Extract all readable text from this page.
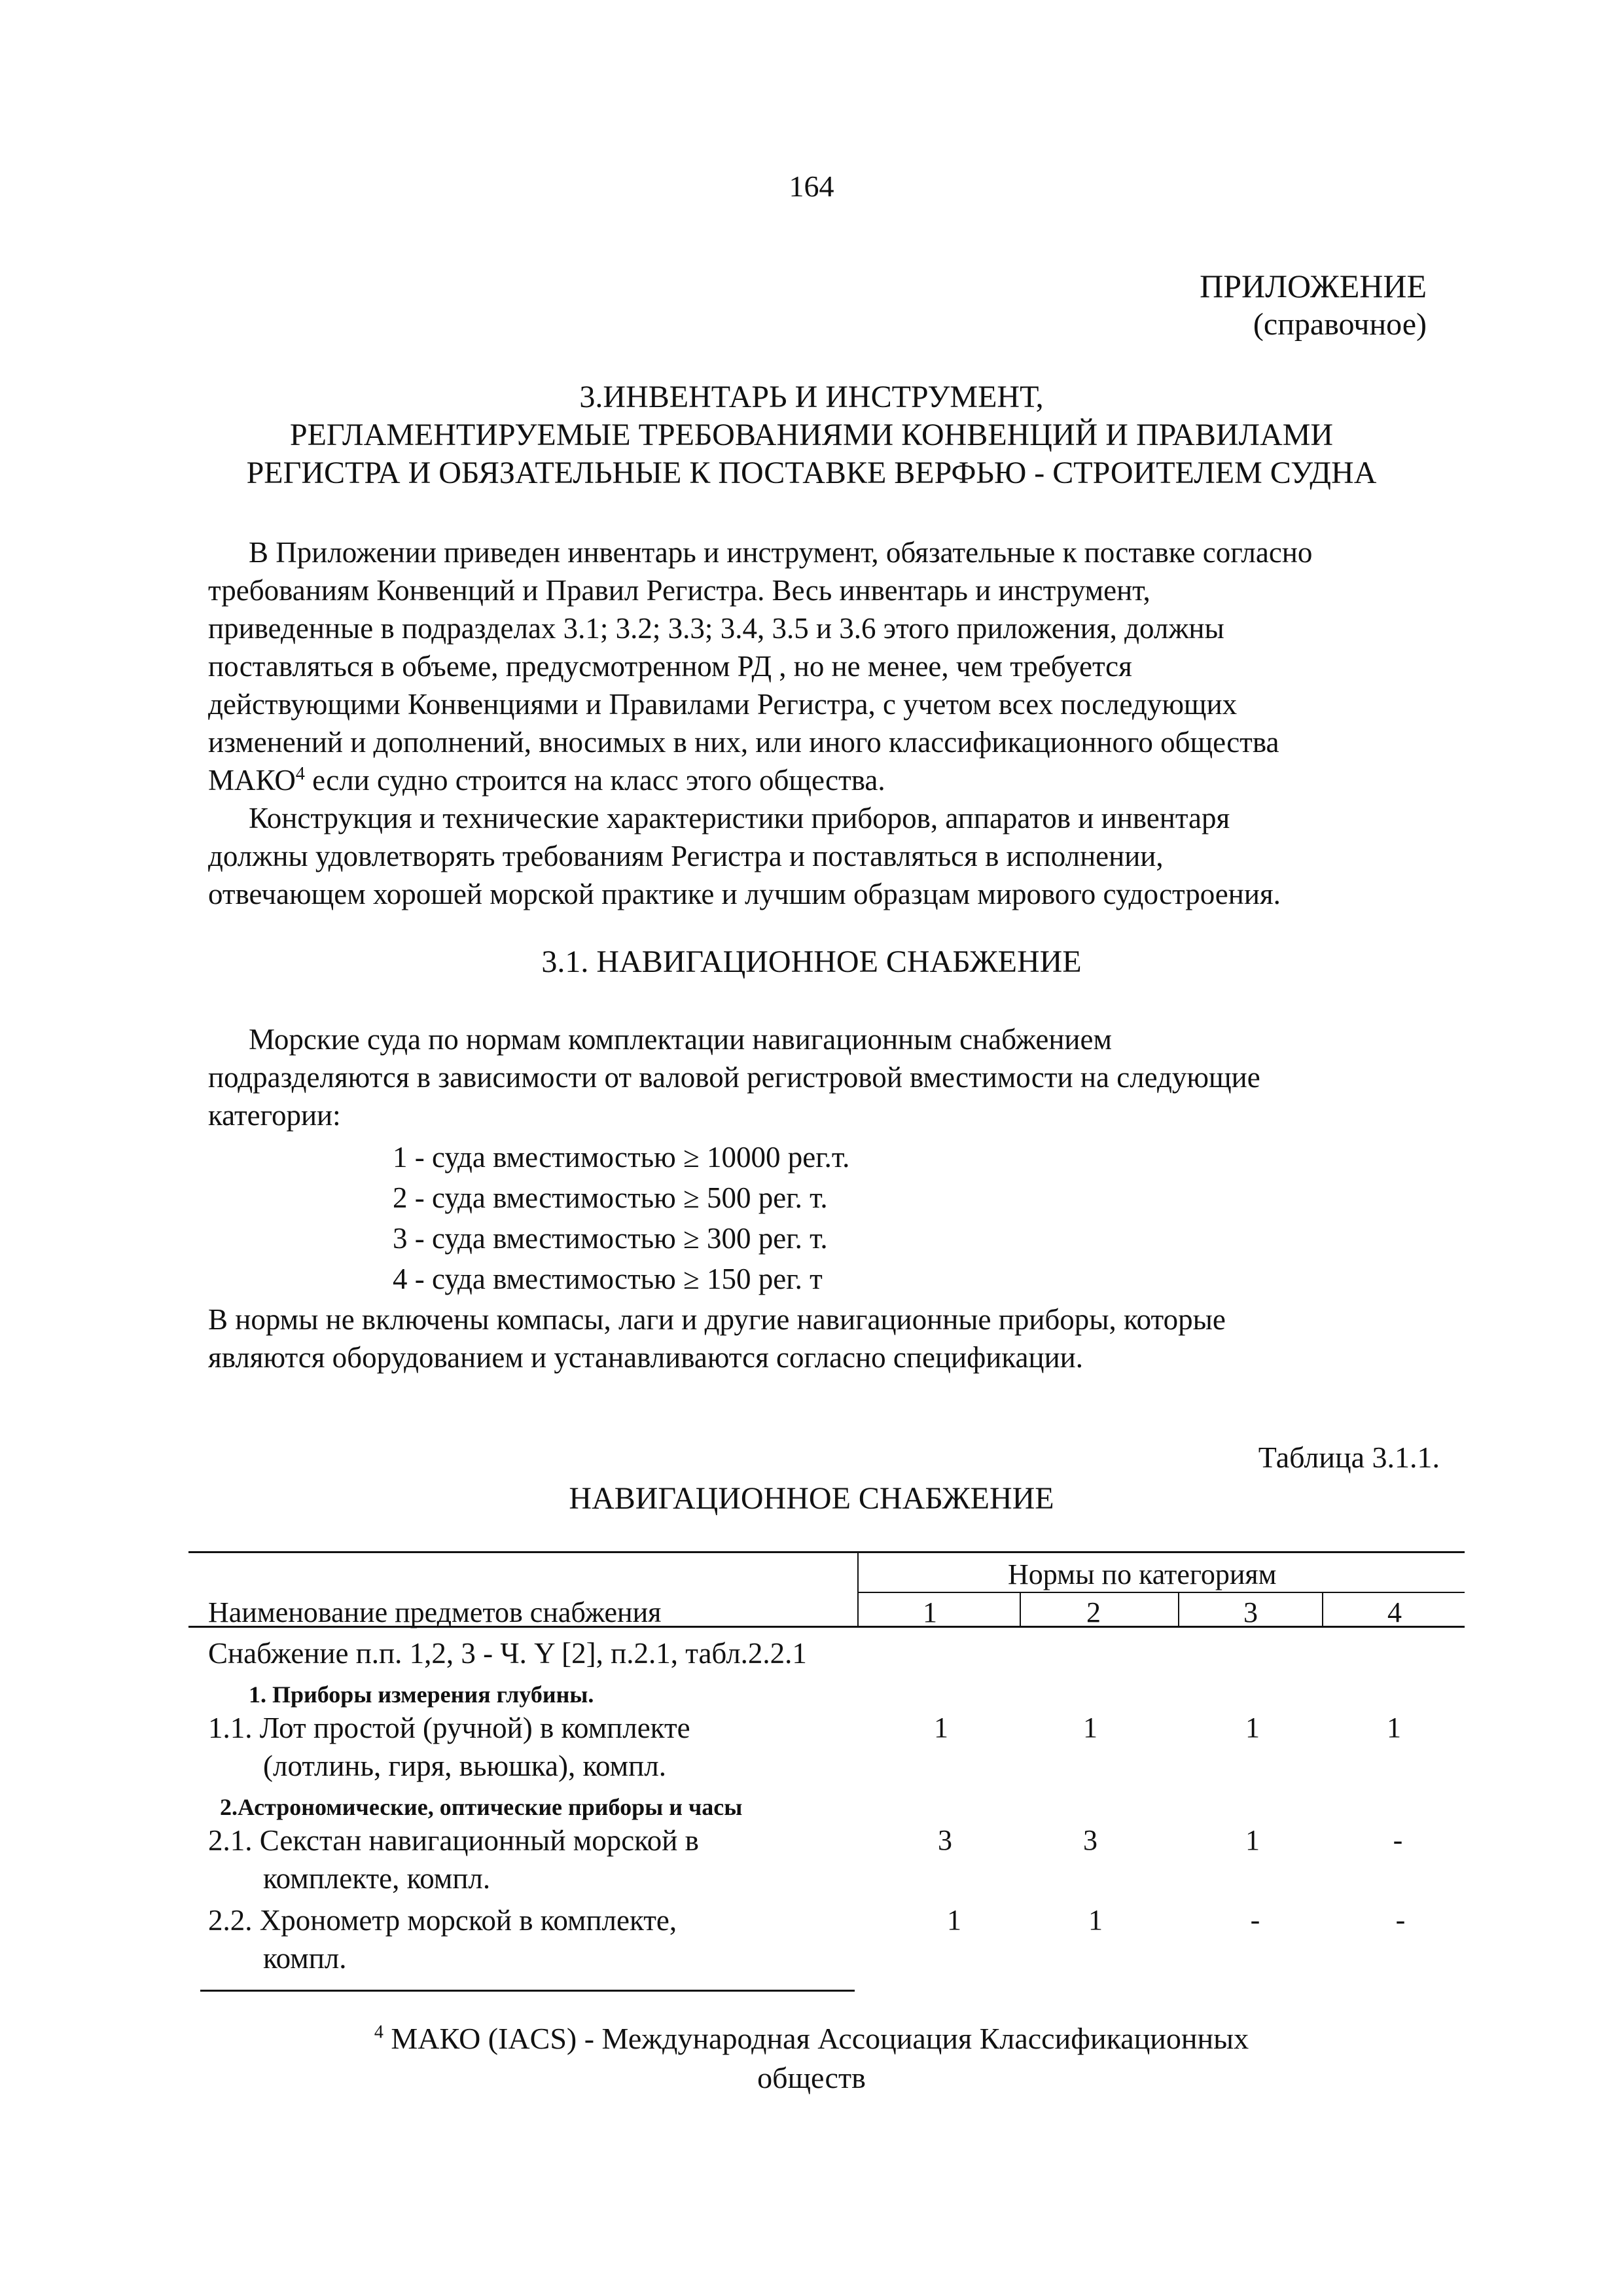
164
ПРИЛОЖЕНИЕ
(справочное)
3.ИНВЕНТАРЬ И ИНСТРУМЕНТ,
РЕГЛАМЕНТИРУЕМЫЕ ТРЕБОВАНИЯМИ КОНВЕНЦИЙ И ПРАВИЛАМИ
РЕГИСТРА И ОБЯЗАТЕЛЬНЫЕ К ПОСТАВКЕ ВЕРФЬЮ - СТРОИТЕЛЕМ СУДНА
В Приложении приведен инвентарь и инструмент, обязательные к поставке согласно
требованиям Конвенций и Правил Регистра. Весь инвентарь и инструмент,
приведенные в подразделах 3.1; 3.2; 3.3; 3.4, 3.5 и 3.6 этого приложения, должны
поставляться в объеме, предусмотренном РД , но не менее, чем требуется
действующими Конвенциями и Правилами Регистра, с учетом всех последующих
изменений и дополнений, вносимых в них, или иного классификационного общества
МАКО$^4$ если судно строится на класс этого общества.
Конструкция и технические характеристики приборов, аппаратов и инвентаря
должны удовлетворять требованиям Регистра и поставляться в исполнении,
отвечающем хорошей морской практике и лучшим образцам мирового судостроения.
3.1. НАВИГАЦИОННОЕ СНАБЖЕНИЕ
Морские суда по нормам комплектации навигационным снабжением
подразделяются в зависимости от валовой регистровой вместимости на следующие
категории:
1 - суда вместимостью ≥ 10000 рег.т.
2 - суда вместимостью ≥ 500 рег. т.
3 - суда вместимостью ≥ 300 рег. т.
4 - суда вместимостью ≥ 150 рег. т
В нормы не включены компасы, лаги и другие навигационные приборы, которые
являются оборудованием и устанавливаются согласно спецификации.
Таблица 3.1.1.
НАВИГАЦИОННОЕ СНАБЖЕНИЕ
Нормы по категориям
Наименование предметов снабжения	1	2	3	4
Снабжение п.п. 1,2, 3 - Ч. Y [2], п.2.1, табл.2.2.1
1. Приборы измерения глубины.
1.1. Лот простой (ручной) в комплекте
(лотлинь, гиря, вьюшка), компл.
1	1	1	1
2.Астрономические, оптические приборы и часы
2.1. Секстан навигационный морской в
комплекте, компл.
3	3	1	-
2.2. Хронометр морской в комплекте,
компл.
1	1	-	-
$^4$ МАКО (IACS) - Международная Ассоциация Классификационных
обществ
